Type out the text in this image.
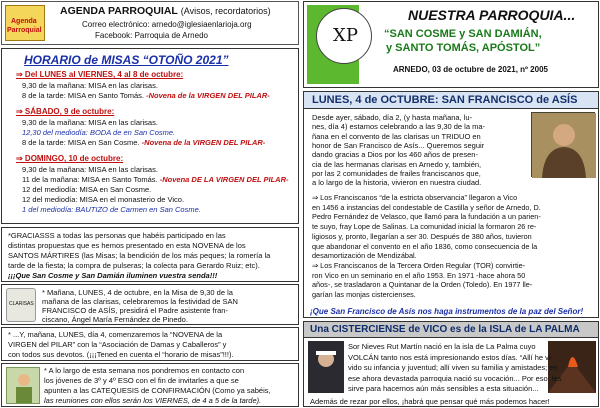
Agenda
Parroquial
AGENDA PARROQUIAL (Avisos, recordatorios)
Correo electrónico: arnedo@iglesiaenlarioja.org
Facebook: Parroquia de Arnedo
HORARIO de MISAS “OTOÑO 2021”
⇒ Del LUNES al VIERNES, 4 al 8 de octubre:
9,30 de la mañana: MISA en las clarisas.
8 de la tarde: MISA en Santo Tomás. -Novena de la VIRGEN DEL PILAR-
⇒ SÁBADO, 9 de octubre:
9,30 de la mañana: MISA en las clarisas.
12,30 del mediodía: BODA de en San Cosme.
8 de la tarde: MISA en San Cosme. -Novena de la VIRGEN DEL PILAR-
⇒ DOMINGO, 10 de octubre:
9,30 de la mañana: MISA en las clarisas.
11 de la mañana: MISA en Santo Tomás. -Novena DE LA VIRGEN DEL PILAR-
12 del mediodía: MISA en San Cosme.
12 del mediodía: MISA en el monasterio de Vico.
1 del mediodía: BAUTIZO de Carmen en San Cosme.
*GRACIASSS a todas las personas que habéis participado en las
distintas propuestas que es hemos presentado en esta NOVENA de los
SANTOS MÁRTIRES (las Misas; la bendición de los más peques; la romería la
tarde de la fiesta; la compra de pulseras; la colecta para Gerardo Ruiz; etc).
¡¡¡Que San Cosme y San Damián iluminen vuestra senda!!!
CLARISAS
* Mañana, LUNES, 4 de octubre, en la Misa de 9,30 de la
mañana de las clarisas, celebraremos la festividad de SAN
FRANCISCO de ASÍS, presidirá el Padre asistente fran-
ciscano, Ángel María Fernández de Pinedo.
* ...Y, mañana, LUNES, día 4, comenzaremos la “NOVENA de la
VIRGEN del PILAR” con la “Asociación de Damas y Caballeros” y
con todos sus devotos. (¡¡¡Tened en cuenta el “horario de misas”!!!).
* A lo largo de esta semana nos pondremos en contacto con
los jóvenes de 3º y 4º ESO con el fin de invitarles a que se
apunten a las CATEQUESIS de CONFIRMACIÓN (Como ya sabéis,
las reuniones con ellos serán los VIERNES, de 4 a 5 de la tarde).
XP
NUESTRA PARROQUIA...
“SAN COSME y SAN DAMIÁN,
y SANTO TOMÁS, APÓSTOL”
ARNEDO, 03 de octubre de 2021, nº 2005
LUNES, 4 de OCTUBRE: SAN FRANCISCO de ASÍS
Desde ayer, sábado, día 2, (y hasta mañana, lu-
nes, día 4) estamos celebrando a las 9,30 de la ma-
ñana en el convento de las clarisas un TRIDUO en
honor de San Francisco de Asís... Queremos seguir
dando gracias a Dios por los 460 años de presen-
cia de las hermanas clarisas en Arnedo y, también,
por las 2 comunidades de frailes franciscanos que,
a lo largo de la historia, vivieron en nuestra ciudad.
⇒ Los Franciscanos “de la estricta observancia” llegaron a Vico
en 1456 a instancias del condestable de Castilla y señor de Arnedo, D.
Pedro Fernández de Velasco, que llamó para la fundación a un parien-
te suyo, fray Lope de Salinas. La comunidad inicial la formaron 26 re-
ligiosos y, pronto, llegarían a ser 30. Después de 380 años, tuvieron
que abandonar el convento en el año 1836, como consecuencia de la
desamortización de Mendizábal.
⇒ Los Franciscanos de la Tercera Orden Regular (TOR) convirtie-
ron Vico en un seminario en el año 1953. En 1971 -hace ahora 50
años-, se trasladaron a Quintanar de la Orden (Toledo). En 1977 lle-
garían las monjas cistercienses.
¡Que San Francisco de Asís nos haga instrumentos de la paz del Señor!
Una CISTERCIENSE de VICO es de la ISLA de LA PALMA
Sor Nieves Rut Martín nació en la isla de La Palma cuyo
VOLCÁN tanto nos está impresionando estos días. “Allí he vi-
vido su infancia y juventud; allí viven su familia y amistades; en
ese ahora devastada parroquia nació su vocación... Por eso, les
sirve para hacernos aún más sensibles a esta situación...
Además de rezar por ellos, ¡habrá que pensar qué más podemos hacer!
